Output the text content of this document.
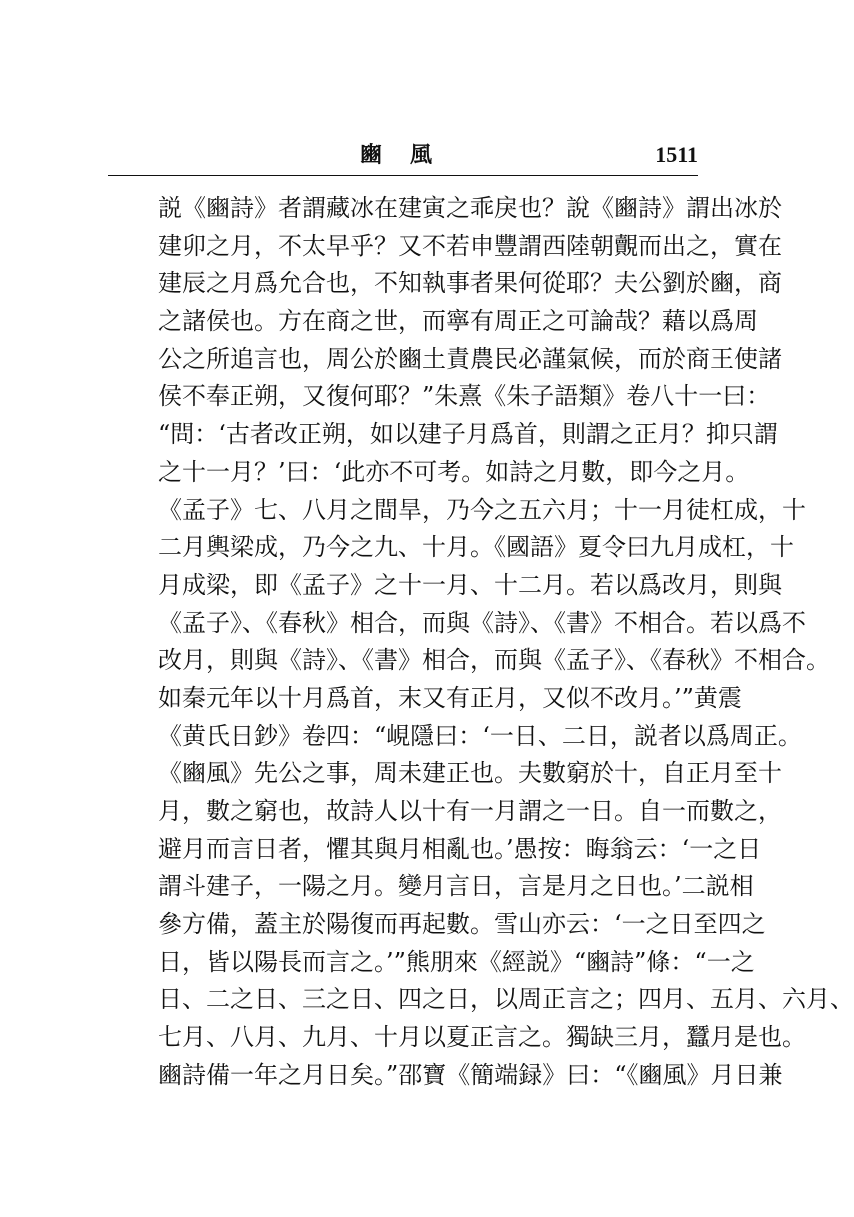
豳風	1511
説《豳詩》者謂藏冰在建寅之乖戾也？說《豳詩》謂出冰於
建卯之月，不太早乎？又不若申豐謂西陸朝覿而出之，實在
建辰之月爲允合也，不知執事者果何從耶？夫公劉於豳，商
之諸侯也。方在商之世，而寧有周正之可論哉？藉以爲周
公之所追言也，周公於豳土責農民必謹氣候，而於商王使諸
侯不奉正朔，又復何耶？”朱熹《朱子語類》卷八十一曰：
“問：‘古者改正朔，如以建子月爲首，則謂之正月？抑只謂
之十一月？’曰：‘此亦不可考。如詩之月數，即今之月。
《孟子》七、八月之間旱，乃今之五六月；十一月徒杠成，十
二月輿梁成，乃今之九、十月。《國語》夏令曰九月成杠，十
月成梁，即《孟子》之十一月、十二月。若以爲改月，則與
《孟子》、《春秋》相合，而與《詩》、《書》不相合。若以爲不
改月，則與《詩》、《書》相合，而與《孟子》、《春秋》不相合。
如秦元年以十月爲首，末又有正月，又似不改月。’”黄震
《黄氏日鈔》卷四：“峴隱曰：‘一日、二日，説者以爲周正。
《豳風》先公之事，周未建正也。夫數窮於十，自正月至十
月，數之窮也，故詩人以十有一月謂之一日。自一而數之，
避月而言日者，懼其與月相亂也。’愚按：晦翁云：‘一之日
謂斗建子，一陽之月。變月言日，言是月之日也。’二説相
參方備，蓋主於陽復而再起數。雪山亦云：‘一之日至四之
日，皆以陽長而言之。’”熊朋來《經説》“豳詩”條：“一之
日、二之日、三之日、四之日，以周正言之；四月、五月、六月、
七月、八月、九月、十月以夏正言之。獨缺三月，蠶月是也。
豳詩備一年之月日矣。”邵寶《簡端録》曰：“《豳風》月日兼
